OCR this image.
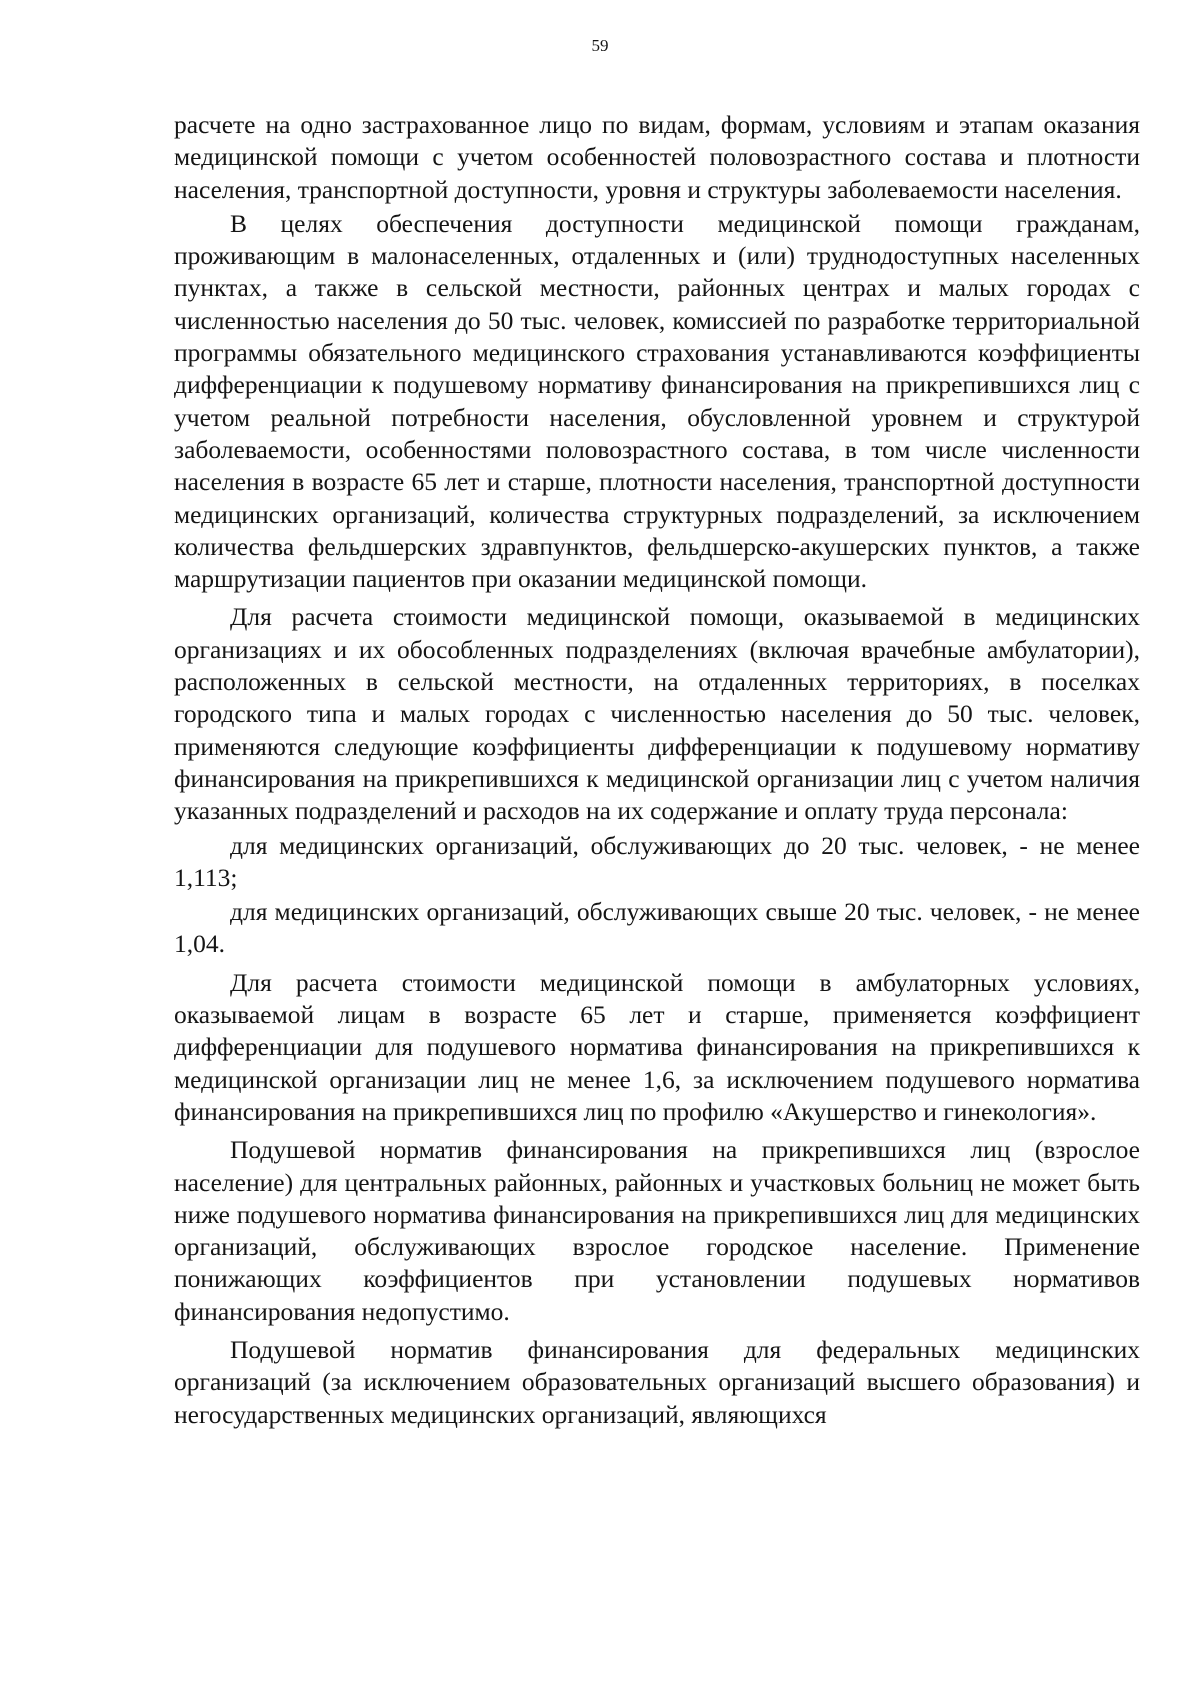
59

расчете на одно застрахованное лицо по видам, формам, условиям и этапам оказания медицинской помощи с учетом особенностей половозрастного состава и плотности населения, транспортной доступности, уровня и структуры заболеваемости населения.

В целях обеспечения доступности медицинской помощи гражданам, проживающим в малонаселенных, отдаленных и (или) труднодоступных населенных пунктах, а также в сельской местности, районных центрах и малых городах с численностью населения до 50 тыс. человек, комиссией по разработке территориальной программы обязательного медицинского страхования устанавливаются коэффициенты дифференциации к подушевому нормативу финансирования на прикрепившихся лиц с учетом реальной потребности населения, обусловленной уровнем и структурой заболеваемости, особенностями половозрастного состава, в том числе численности населения в возрасте 65 лет и старше, плотности населения, транспортной доступности медицинских организаций, количества структурных подразделений, за исключением количества фельдшерских здравпунктов, фельдшерско-акушерских пунктов, а также маршрутизации пациентов при оказании медицинской помощи.

Для расчета стоимости медицинской помощи, оказываемой в медицинских организациях и их обособленных подразделениях (включая врачебные амбулатории), расположенных в сельской местности, на отдаленных территориях, в поселках городского типа и малых городах с численностью населения до 50 тыс. человек, применяются следующие коэффициенты дифференциации к подушевому нормативу финансирования на прикрепившихся к медицинской организации лиц с учетом наличия указанных подразделений и расходов на их содержание и оплату труда персонала:

для медицинских организаций, обслуживающих до 20 тыс. человек, - не менее 1,113;

для медицинских организаций, обслуживающих свыше 20 тыс. человек, - не менее 1,04.

Для расчета стоимости медицинской помощи в амбулаторных условиях, оказываемой лицам в возрасте 65 лет и старше, применяется коэффициент дифференциации для подушевого норматива финансирования на прикрепившихся к медицинской организации лиц не менее 1,6, за исключением подушевого норматива финансирования на прикрепившихся лиц по профилю «Акушерство и гинекология».

Подушевой норматив финансирования на прикрепившихся лиц (взрослое население) для центральных районных, районных и участковых больниц не может быть ниже подушевого норматива финансирования на прикрепившихся лиц для медицинских организаций, обслуживающих взрослое городское население. Применение понижающих коэффициентов при установлении подушевых нормативов финансирования недопустимо.

Подушевой норматив финансирования для федеральных медицинских организаций (за исключением образовательных организаций высшего образования) и негосударственных медицинских организаций, являющихся
